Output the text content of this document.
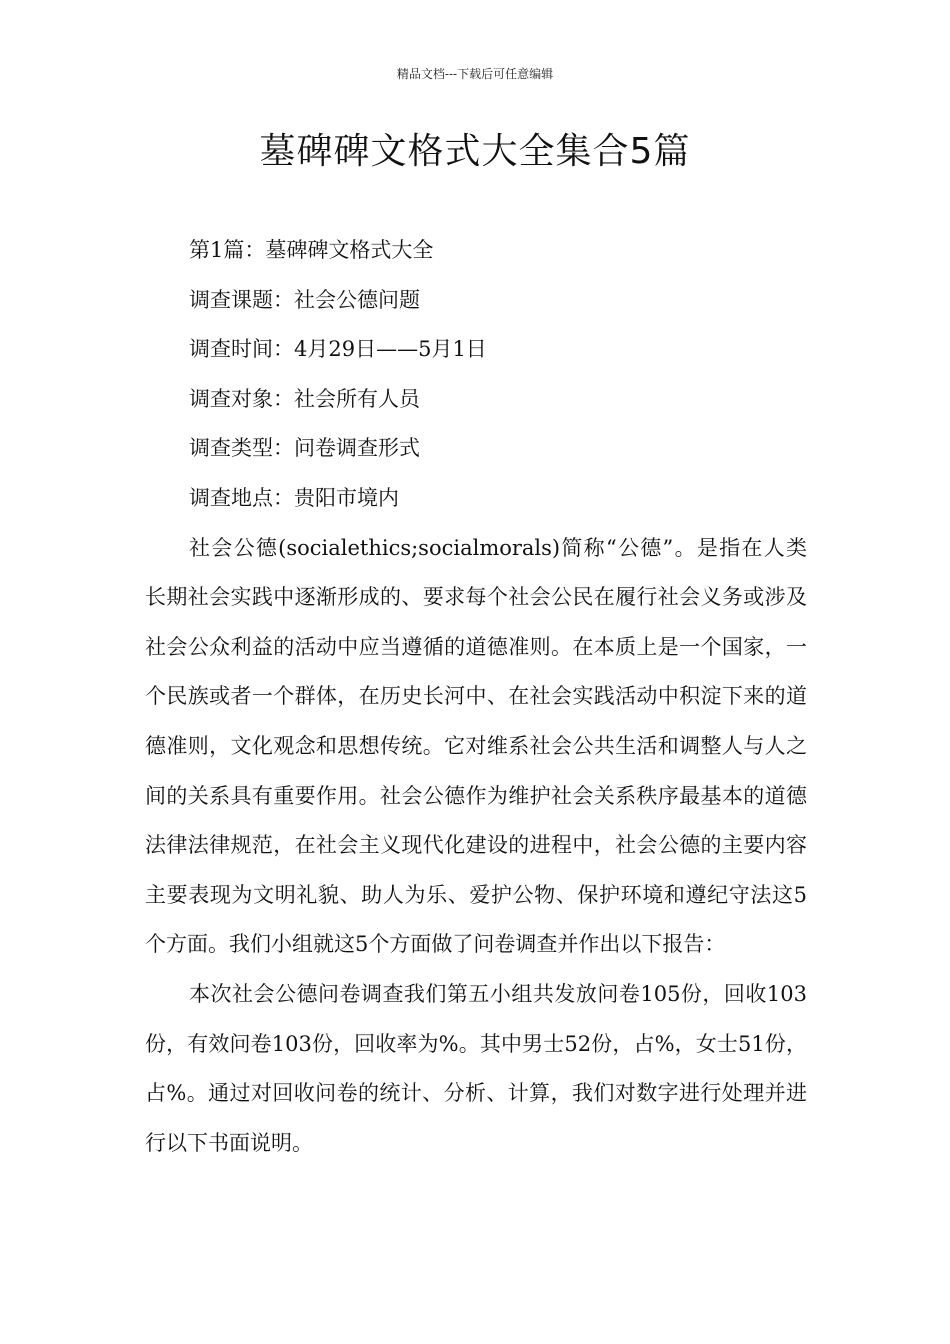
精品文档---下载后可任意编辑
墓碑碑文格式大全集合5篇

第1篇：墓碑碑文格式大全

调查课题：社会公德问题

调查时间：4月29日——5月1日

调查对象：社会所有人员

调查类型：问卷调查形式

调查地点：贵阳市境内

社会公德(socialethics;socialmorals)简称“公德”。是指在人类长期社会实践中逐渐形成的、要求每个社会公民在履行社会义务或涉及社会公众利益的活动中应当遵循的道德准则。在本质上是一个国家，一个民族或者一个群体，在历史长河中、在社会实践活动中积淀下来的道德准则，文化观念和思想传统。它对维系社会公共生活和调整人与人之间的关系具有重要作用。社会公德作为维护社会关系秩序最基本的道德法律法律规范，在社会主义现代化建设的进程中，社会公德的主要内容主要表现为文明礼貌、助人为乐、爱护公物、保护环境和遵纪守法这5个方面。我们小组就这5个方面做了问卷调查并作出以下报告：

本次社会公德问卷调查我们第五小组共发放问卷105份，回收103份，有效问卷103份，回收率为%。其中男士52份，占%，女士51份，占%。通过对回收问卷的统计、分析、计算，我们对数字进行处理并进行以下书面说明。
